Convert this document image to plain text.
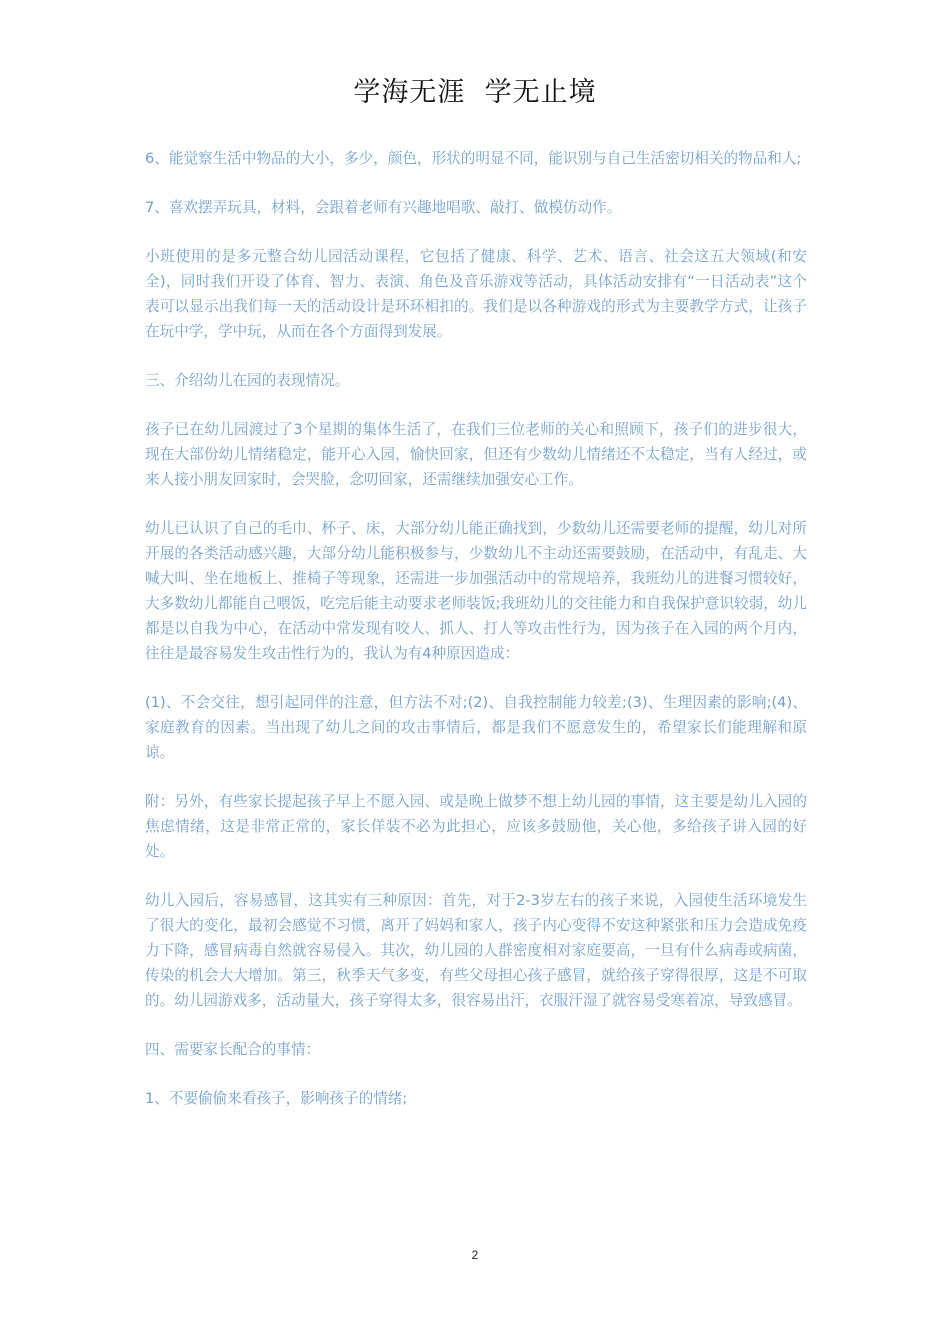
学海无涯  学无止境

6、能觉察生活中物品的大小，多少，颜色，形状的明显不同，能识别与自己生活密切相关的物品和人;

7、喜欢摆弄玩具，材料，会跟着老师有兴趣地唱歌、敲打、做模仿动作。

小班使用的是多元整合幼儿园活动课程，它包括了健康、科学、艺术、语言、社会这五大领域(和安全)，同时我们开设了体育、智力、表演、角色及音乐游戏等活动，具体活动安排有“一日活动表”这个表可以显示出我们每一天的活动设计是环环相扣的。我们是以各种游戏的形式为主要教学方式，让孩子在玩中学，学中玩，从而在各个方面得到发展。

三、介绍幼儿在园的表现情况。

孩子已在幼儿园渡过了3个星期的集体生活了，在我们三位老师的关心和照顾下，孩子们的进步很大，现在大部份幼儿情绪稳定，能开心入园，愉快回家，但还有少数幼儿情绪还不太稳定，当有人经过，或来人接小朋友回家时，会哭脸，念叨回家，还需继续加强安心工作。

幼儿已认识了自己的毛巾、杯子、床，大部分幼儿能正确找到，少数幼儿还需要老师的提醒，幼儿对所开展的各类活动感兴趣，大部分幼儿能积极参与，少数幼儿不主动还需要鼓励，在活动中，有乱走、大喊大叫、坐在地板上、推椅子等现象，还需进一步加强活动中的常规培养，我班幼儿的进餐习惯较好，大多数幼儿都能自己喂饭，吃完后能主动要求老师装饭;我班幼儿的交往能力和自我保护意识较弱，幼儿都是以自我为中心，在活动中常发现有咬人、抓人、打人等攻击性行为，因为孩子在入园的两个月内，往往是最容易发生攻击性行为的，我认为有4种原因造成：

(1)、不会交往，想引起同伴的注意，但方法不对;(2)、自我控制能力较差;(3)、生理因素的影响;(4)、家庭教育的因素。当出现了幼儿之间的攻击事情后，都是我们不愿意发生的，希望家长们能理解和原谅。

附：另外，有些家长提起孩子早上不愿入园、或是晚上做梦不想上幼儿园的事情，这主要是幼儿入园的焦虑情绪，这是非常正常的，家长佯装不必为此担心，应该多鼓励他，关心他，多给孩子讲入园的好处。

幼儿入园后，容易感冒，这其实有三种原因：首先，对于2-3岁左右的孩子来说，入园使生活环境发生了很大的变化，最初会感觉不习惯，离开了妈妈和家人，孩子内心变得不安这种紧张和压力会造成免疫力下降，感冒病毒自然就容易侵入。其次，幼儿园的人群密度相对家庭要高，一旦有什么病毒或病菌，传染的机会大大增加。第三，秋季天气多变，有些父母担心孩子感冒，就给孩子穿得很厚，这是不可取的。幼儿园游戏多，活动量大，孩子穿得太多，很容易出汗，衣服汗湿了就容易受寒着凉，导致感冒。

四、需要家长配合的事情：

1、不要偷偷来看孩子，影响孩子的情绪;

2
